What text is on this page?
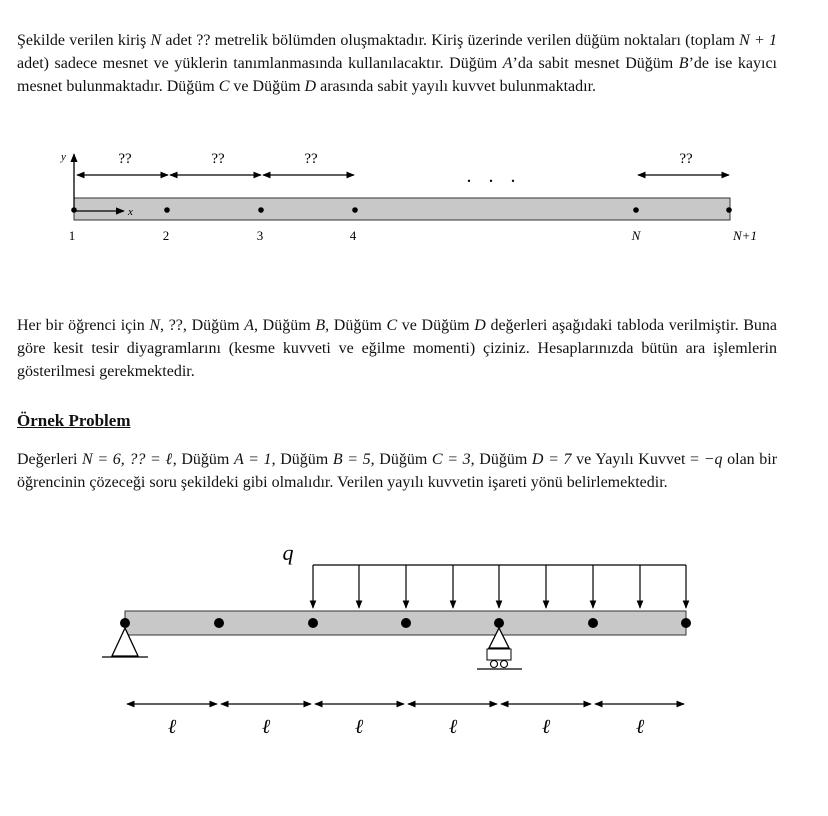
Şekilde verilen kiriş N adet ?? metrelik bölümden oluşmaktadır. Kiriş üzerinde verilen düğüm noktaları (toplam N + 1 adet) sadece mesnet ve yüklerin tanımlanmasında kullanılacaktır. Düğüm A’da sabit mesnet Düğüm B’de ise kayıcı mesnet bulunmaktadır. Düğüm C ve Düğüm D arasında sabit yayılı kuvvet bulunmaktadır.

y
x
??	??	??	??
. . .
1	2	3	4	N	N+1

Her bir öğrenci için N, ??, Düğüm A, Düğüm B, Düğüm C ve Düğüm D değerleri aşağıdaki tabloda verilmiştir. Buna göre kesit tesir diyagramlarını (kesme kuvveti ve eğilme momenti) çiziniz. Hesaplarınızda bütün ara işlemlerin gösterilmesi gerekmektedir.

Örnek Problem

Değerleri N = 6, ?? = ℓ, Düğüm A = 1, Düğüm B = 5, Düğüm C = 3, Düğüm D = 7 ve Yayılı Kuvvet = −q olan bir öğrencinin çözeceği soru şekildeki gibi olmalıdır. Verilen yayılı kuvvetin işareti yönü belirlemektedir.

q
ℓ	ℓ	ℓ	ℓ	ℓ	ℓ
